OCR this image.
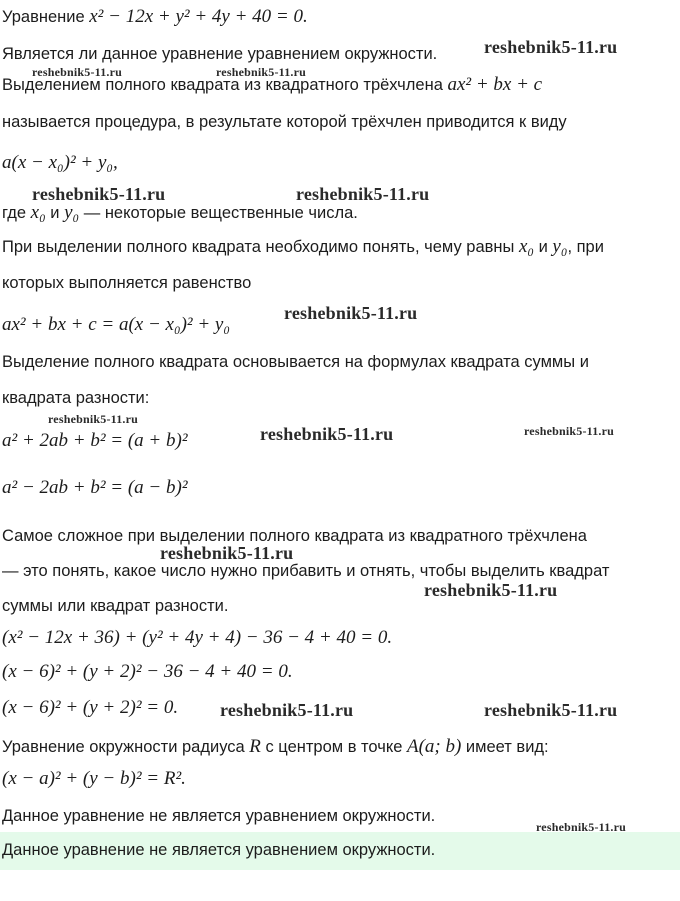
Уравнение x² − 12x + y² + 4y + 40 = 0.
Является ли данное уравнение уравнением окружности.
Выделением полного квадрата из квадратного трёхчлена ax² + bx + c
называется процедура, в результате которой трёхчлен приводится к виду
a(x − x₀)² + y₀,
где x₀ и y₀ — некоторые вещественные числа.
При выделении полного квадрата необходимо понять, чему равны x₀ и y₀, при
которых выполняется равенство
ax² + bx + c = a(x − x₀)² + y₀
Выделение полного квадрата основывается на формулах квадрата суммы и
квадрата разности:
a² + 2ab + b² = (a + b)²
a² − 2ab + b² = (a − b)²
Самое сложное при выделении полного квадрата из квадратного трёхчлена
— это понять, какое число нужно прибавить и отнять, чтобы выделить квадрат
суммы или квадрат разности.
(x² − 12x + 36) + (y² + 4y + 4) − 36 − 4 + 40 = 0.
(x − 6)² + (y + 2)² − 36 − 4 + 40 = 0.
(x − 6)² + (y + 2)² = 0.
Уравнение окружности радиуса R с центром в точке A(a; b) имеет вид:
(x − a)² + (y − b)² = R².
Данное уравнение не является уравнением окружности.
Данное уравнение не является уравнением окружности.
reshebnik5-11.ru
reshebnik5-11.ru	reshebnik5-11.ru
reshebnik5-11.ru	reshebnik5-11.ru
reshebnik5-11.ru
reshebnik5-11.ru
reshebnik5-11.ru	reshebnik5-11.ru
reshebnik5-11.ru
reshebnik5-11.ru
reshebnik5-11.ru	reshebnik5-11.ru
reshebnik5-11.ru
